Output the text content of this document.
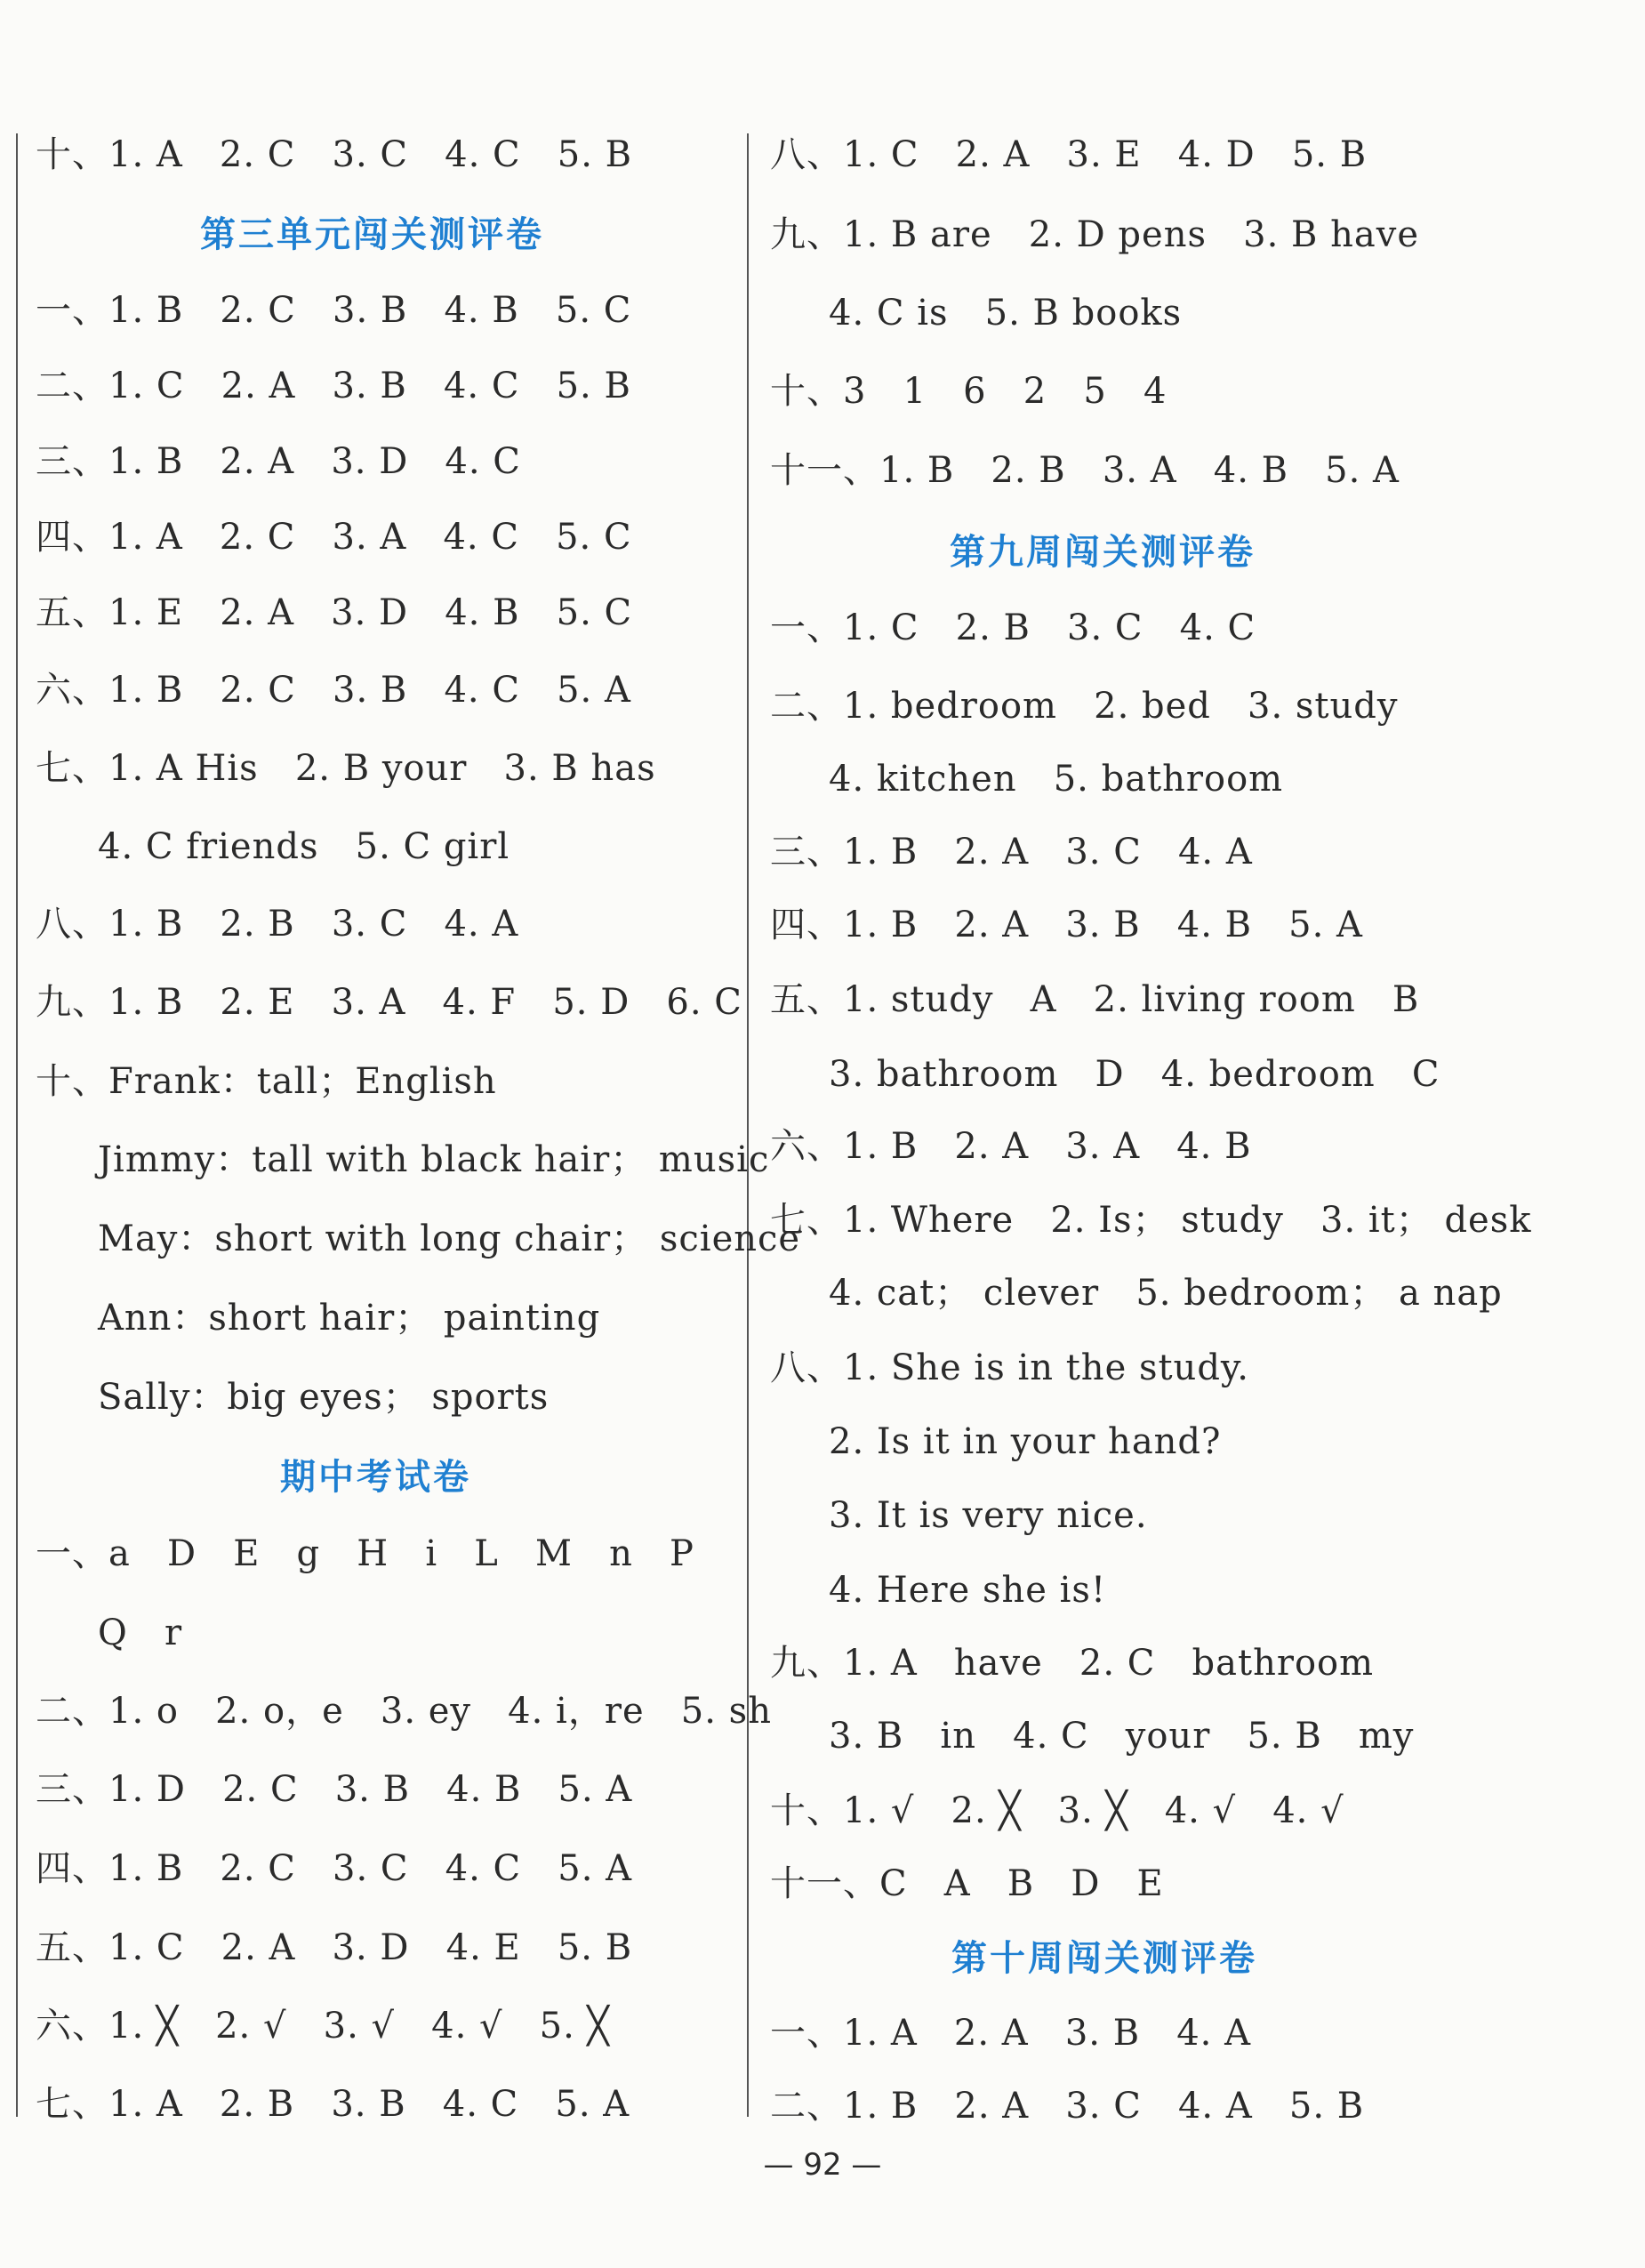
十、1. A   2. C   3. C   4. C   5. B
第三单元闯关测评卷
一、1. B   2. C   3. B   4. B   5. C
二、1. C   2. A   3. B   4. C   5. B
三、1. B   2. A   3. D   4. C
四、1. A   2. C   3. A   4. C   5. C
五、1. E   2. A   3. D   4. B   5. C
六、1. B   2. C   3. B   4. C   5. A
七、1. A His   2. B your   3. B has
4. C friends   5. C girl
八、1. B   2. B   3. C   4. A
九、1. B   2. E   3. A   4. F   5. D   6. C
十、Frank：tall；English
Jimmy：tall with black hair； music
May：short with long chair； science
Ann：short hair； painting
Sally：big eyes； sports
期中考试卷
一、a   D   E   g   H   i   L   M   n   P
Q   r
二、1. o   2. o，e   3. ey   4. i，re   5. sh
三、1. D   2. C   3. B   4. B   5. A
四、1. B   2. C   3. C   4. C   5. A
五、1. C   2. A   3. D   4. E   5. B
六、1. ╳   2. √   3. √   4. √   5. ╳
七、1. A   2. B   3. B   4. C   5. A
八、1. C   2. A   3. E   4. D   5. B
九、1. B are   2. D pens   3. B have
4. C is   5. B books
十、3   1   6   2   5   4
十一、1. B   2. B   3. A   4. B   5. A
第九周闯关测评卷
一、1. C   2. B   3. C   4. C
二、1. bedroom   2. bed   3. study
4. kitchen   5. bathroom
三、1. B   2. A   3. C   4. A
四、1. B   2. A   3. B   4. B   5. A
五、1. study   A   2. living room   B
3. bathroom   D   4. bedroom   C
六、1. B   2. A   3. A   4. B
七、1. Where   2. Is； study   3. it； desk
4. cat； clever   5. bedroom； a nap
八、1. She is in the study.
2. Is it in your hand?
3. It is very nice.
4. Here she is!
九、1. A   have   2. C   bathroom
3. B   in   4. C   your   5. B   my
十、1. √   2. ╳   3. ╳   4. √   4. √
十一、C   A   B   D   E
第十周闯关测评卷
一、1. A   2. A   3. B   4. A
二、1. B   2. A   3. C   4. A   5. B
— 92 —
